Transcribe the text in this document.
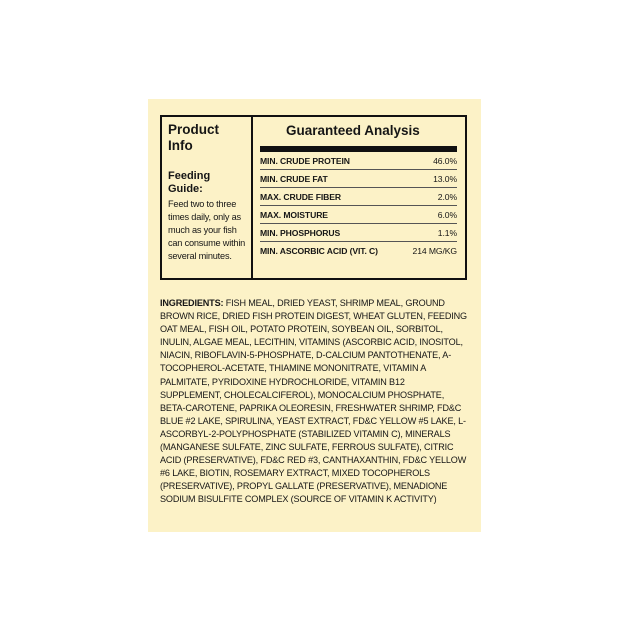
Product
Info
Feeding
Guide:
Feed two to three times daily, only as much as your fish can consume within several minutes.
Guaranteed Analysis
MIN. CRUDE PROTEIN	46.0%
MIN. CRUDE FAT	13.0%
MAX. CRUDE FIBER	2.0%
MAX. MOISTURE	6.0%
MIN. PHOSPHORUS	1.1%
MIN. ASCORBIC ACID (VIT. C)	214 MG/KG
INGREDIENTS: FISH MEAL, DRIED YEAST, SHRIMP MEAL, GROUND BROWN RICE, DRIED FISH PROTEIN DIGEST, WHEAT GLUTEN, FEEDING OAT MEAL, FISH OIL, POTATO PROTEIN, SOYBEAN OIL, SORBITOL, INULIN, ALGAE MEAL, LECITHIN, VITAMINS (ASCORBIC ACID, INOSITOL, NIACIN, RIBOFLAVIN-5-PHOSPHATE, D-CALCIUM PANTOTHENATE, A-TOCOPHEROL-ACETATE, THIAMINE MONONITRATE, VITAMIN A PALMITATE, PYRIDOXINE HYDROCHLORIDE, VITAMIN B12 SUPPLEMENT, CHOLECALCIFEROL), MONOCALCIUM PHOSPHATE, BETA-CAROTENE, PAPRIKA OLEORESIN, FRESHWATER SHRIMP, FD&C BLUE #2 LAKE, SPIRULINA, YEAST EXTRACT, FD&C YELLOW #5 LAKE, L-ASCORBYL-2-POLYPHOSPHATE (STABILIZED VITAMIN C), MINERALS (MANGANESE SULFATE, ZINC SULFATE, FERROUS SULFATE), CITRIC ACID (PRESERVATIVE), FD&C RED #3, CANTHAXANTHIN, FD&C YELLOW #6 LAKE, BIOTIN, ROSEMARY EXTRACT, MIXED TOCOPHEROLS (PRESERVATIVE), PROPYL GALLATE (PRESERVATIVE), MENADIONE SODIUM BISULFITE COMPLEX (SOURCE OF VITAMIN K ACTIVITY)
